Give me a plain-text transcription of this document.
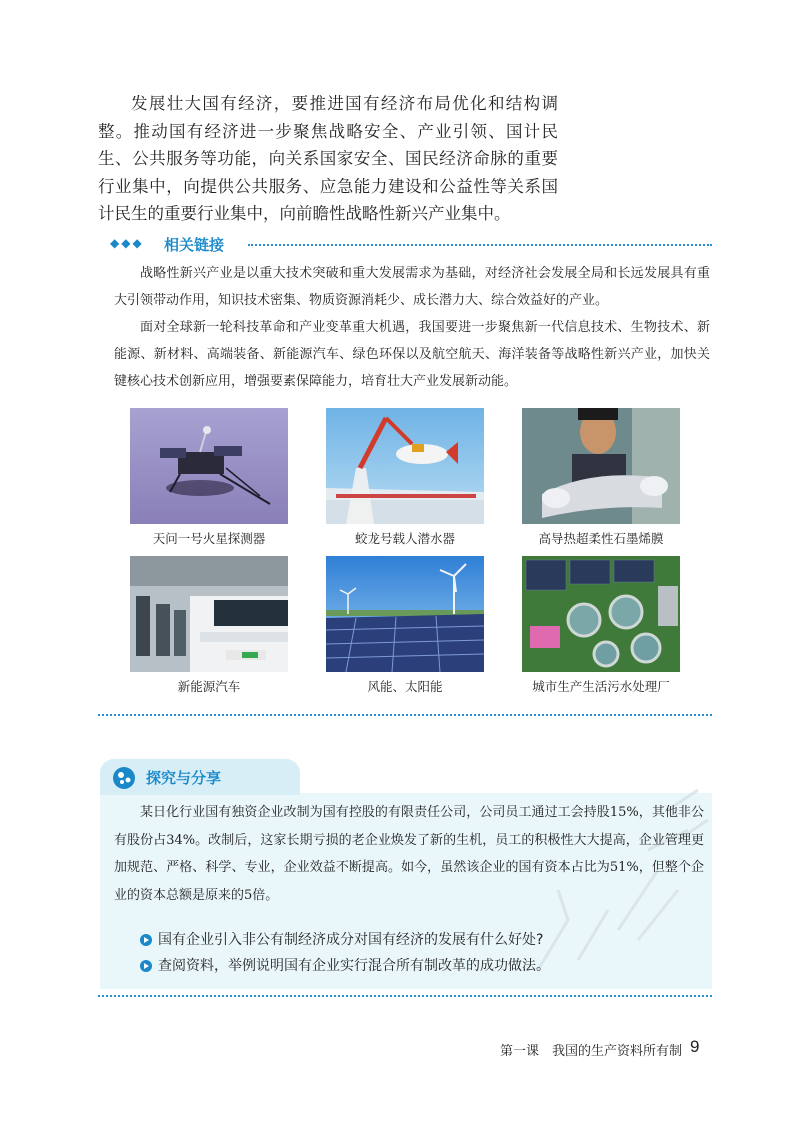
发展壮大国有经济，要推进国有经济布局优化和结构调整。推动国有经济进一步聚焦战略安全、产业引领、国计民生、公共服务等功能，向关系国家安全、国民经济命脉的重要行业集中，向提供公共服务、应急能力建设和公益性等关系国计民生的重要行业集中，向前瞻性战略性新兴产业集中。

◆◆◆ 相关链接

战略性新兴产业是以重大技术突破和重大发展需求为基础，对经济社会发展全局和长远发展具有重大引领带动作用，知识技术密集、物质资源消耗少、成长潜力大、综合效益好的产业。

面对全球新一轮科技革命和产业变革重大机遇，我国要进一步聚焦新一代信息技术、生物技术、新能源、新材料、高端装备、新能源汽车、绿色环保以及航空航天、海洋装备等战略性新兴产业，加快关键核心技术创新应用，增强要素保障能力，培育壮大产业发展新动能。

天问一号火星探测器	蛟龙号载人潜水器	高导热超柔性石墨烯膜
新能源汽车	风能、太阳能	城市生产生活污水处理厂
探究与分享

某日化行业国有独资企业改制为国有控股的有限责任公司，公司员工通过工会持股15%，其他非公有股份占34%。改制后，这家长期亏损的老企业焕发了新的生机，员工的积极性大大提高，企业管理更加规范、严格、科学、专业，企业效益不断提高。如今，虽然该企业的国有资本占比为51%，但整个企业的资本总额是原来的5倍。

国有企业引入非公有制经济成分对国有经济的发展有什么好处?
查阅资料，举例说明国有企业实行混合所有制改革的成功做法。
第一课　我国的生产资料所有制 9
